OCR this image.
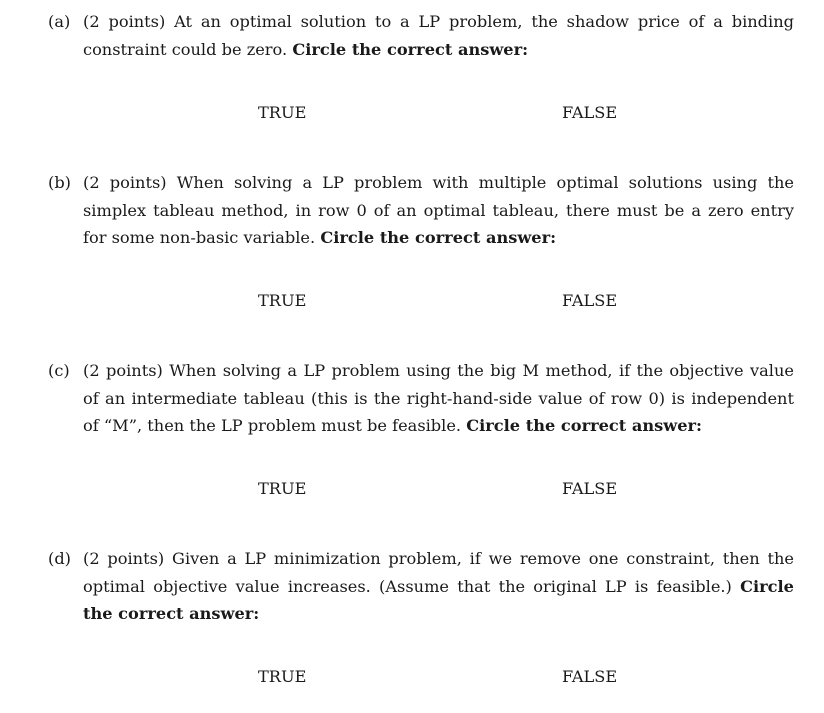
(a) (2 points) At an optimal solution to a LP problem, the shadow price of a binding constraint could be zero. Circle the correct answer:
TRUE	FALSE
(b) (2 points) When solving a LP problem with multiple optimal solutions using the simplex tableau method, in row 0 of an optimal tableau, there must be a zero entry for some non-basic variable. Circle the correct answer:
TRUE	FALSE
(c) (2 points) When solving a LP problem using the big M method, if the objective value of an intermediate tableau (this is the right-hand-side value of row 0) is independent of “M”, then the LP problem must be feasible. Circle the correct answer:
TRUE	FALSE
(d) (2 points) Given a LP minimization problem, if we remove one constraint, then the optimal objective value increases. (Assume that the original LP is feasible.) Circle the correct answer:
TRUE	FALSE
